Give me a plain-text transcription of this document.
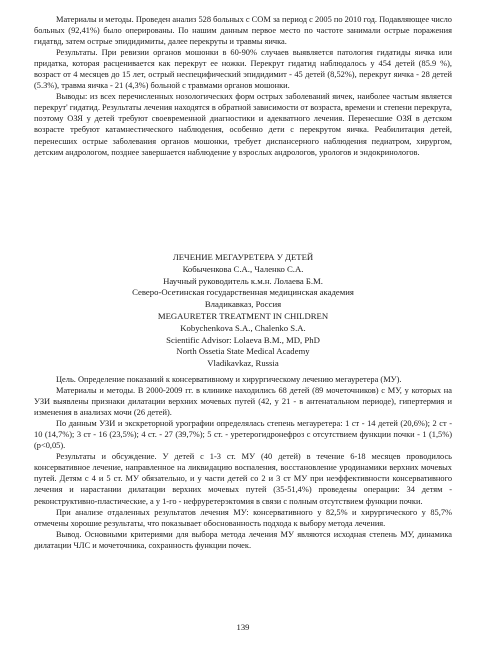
Материалы и методы. Проведен анализ 528 больных с СОМ за период с 2005 по 2010 год. Подавляющее число больных (92,41%) было оперированы. По нашим данным первое место по частоте занимали острые поражения гидатвд, затем острые эпидидимиты, далее перекруты и травмы яичка.

Результаты. При ревизии органов мошонки в 60-90% случаев выявляется патология гидатиды яичка или придатка, которая расценивается как перекрут ее ножки. Перекрут гидатид наблюдалось у 454 детей (85.9 %), возраст от 4 месяцев до 15 лет, острый неспецифический эпидидимит - 45 детей (8,52%), перекрут яичка - 28 детей (5.3%), травма яичка - 21 (4,3%) больной с травмами органов мошонки.

Выводы: из всех перечисленных нозологических форм острых заболеваний яичек, наиболее частым является перекрут' гидатид. Результаты лечения находятся в обратной зависимости от возраста, времени и степени перекрута, поэтому ОЗЯ у детей требуют своевременной диагностики и адекватного лечения. Перенесшие ОЗЯ в детском возрасте требуют катамнестического наблюдения, особенно дети с перекрутом яичка. Реабилитация детей, перенесших острые заболевания органов мошонки, требует диспансерного наблюдения педиатром, хирургом, детским андрологом, позднее завершается наблюдение у взрослых андрологов, урологов и эндокринологов.

ЛЕЧЕНИЕ МЕГАУРЕТЕРА У ДЕТЕЙ
Кобыченкова С.А., Чаленко С.А.
Научный руководитель к.м.н. Лолаева Б.М.
Северо-Осетинская государственная медицинская академия
Владикавказ, Россия
MEGAURETER TREATMENT IN CHILDREN
Kobychenkova S.A., Chalenko S.A.
Scientific Advisor: Lolaeva B.M., MD, PhD
North Ossetia State Medical Academy
Vladikavkaz, Russia

Цель. Определение показаний к консервативному и хирургическому лечению мегауретера (МУ).

Материалы и методы. В 2000-2009 гг. в клинике находились 68 детей (89 мочеточников) с МУ, у которых на УЗИ выявлены признаки дилатации верхних мочевых путей (42, у 21 - в антенатальном периоде), гипертермия и изменения в анализах мочи (26 детей).

По данным УЗИ и экскреторной урографии определялась степень мегауретера: 1 ст - 14 детей (20,6%); 2 ст - 10 (14,7%); 3 ст - 16 (23,5%); 4 ст. - 27 (39,7%); 5 ст. - уретерогидронефроз с отсутствием функции почки - 1 (1,5%) (р<0,05).

Результаты и обсуждение. У детей с 1-3 ст. МУ (40 детей) в течение 6-18 месяцев проводилось консервативное лечение, направленное на ликвидацию воспаления, восстановление уродинамики верхних мочевых путей. Детям с 4 и 5 ст. МУ обязательно, и у части детей со 2 и 3 ст МУ при неэффективности консервативного лечения и нарастании дилатации верхних мочевых путей (35-51,4%) проведены операции: 34 детям - реконструктивно-пластические, а у 1-го - нефруретерэктомия в связи с полным отсутствием функции почки.

При анализе отдаленных результатов лечения МУ: консервативного у 82,5% и хирургического у 85,7% отмечены хорошие результаты, что показывает обоснованность подхода к выбору метода лечения.

Вывод. Основными критериями для выбора метода лечения МУ являются исходная степень МУ, динамика дилатации ЧЛС и мочеточника, сохранность функции почек.

139
